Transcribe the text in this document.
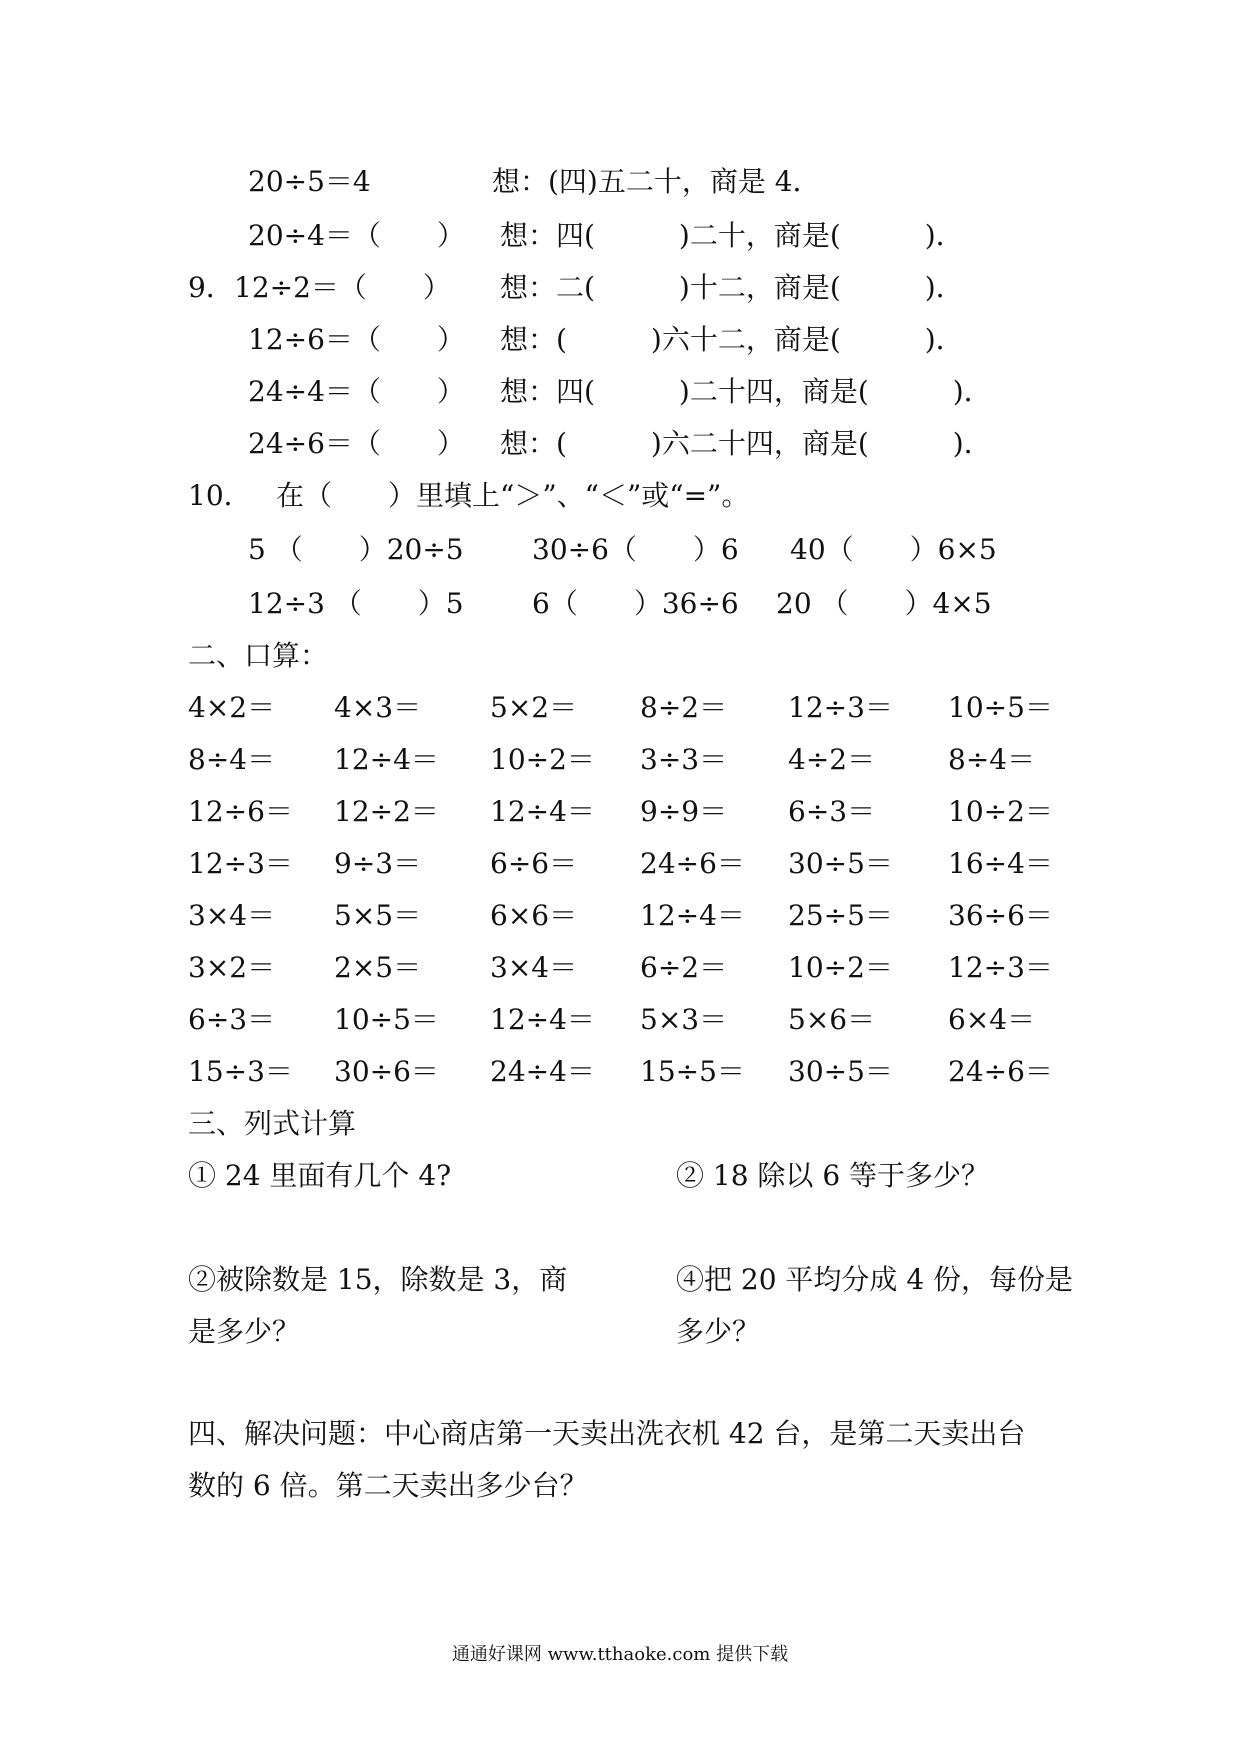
20÷5＝4	想：(四)五二十，商是 4．
20÷4＝（　　） 想：四(　　　)二十，商是(　　　)．
9． 12÷2＝（　　） 想：二(　　　)十二，商是(　　　)．
12÷6＝（　　） 想：(　　　)六十二，商是(　　　)．
24÷4＝（　　） 想：四(　　　)二十四，商是(　　　)．
24÷6＝（　　） 想：(　　　)六二十四，商是(　　　)．
10． 在（　　）里填上“＞”、“＜”或“=”。
5 （　　）20÷5 30÷6（　　）6 40（　　）6×5
12÷3 （　　）5 6（　　）36÷6 20 （　　）4×5
二、口算：
4×2＝ 4×3＝ 5×2＝ 8÷2＝ 12÷3＝ 10÷5＝
8÷4＝ 12÷4＝ 10÷2＝ 3÷3＝ 4÷2＝	8÷4＝
12÷6＝ 12÷2＝ 12÷4＝ 9÷9＝ 6÷3＝	10÷2＝
12÷3＝ 9÷3＝ 6÷6＝ 24÷6＝ 30÷5＝ 16÷4＝
3×4＝ 5×5＝ 6×6＝ 12÷4＝ 25÷5＝ 36÷6＝
3×2＝ 2×5＝ 3×4＝ 6÷2＝ 10÷2＝ 12÷3＝
6÷3＝ 10÷5＝ 12÷4＝ 5×3＝ 5×6＝	6×4＝
15÷3＝ 30÷6＝ 24÷4＝ 15÷5＝ 30÷5＝ 24÷6＝
三、列式计算
① 24 里面有几个 4?	② 18 除以 6 等于多少？
②被除数是 15，除数是 3，商
是多少？
④把 20 平均分成 4 份，每份是
多少？
四、解决问题：中心商店第一天卖出洗衣机 42 台，是第二天卖出台
数的 6 倍。第二天卖出多少台？
通通好课网 www.tthaoke.com 提供下载
